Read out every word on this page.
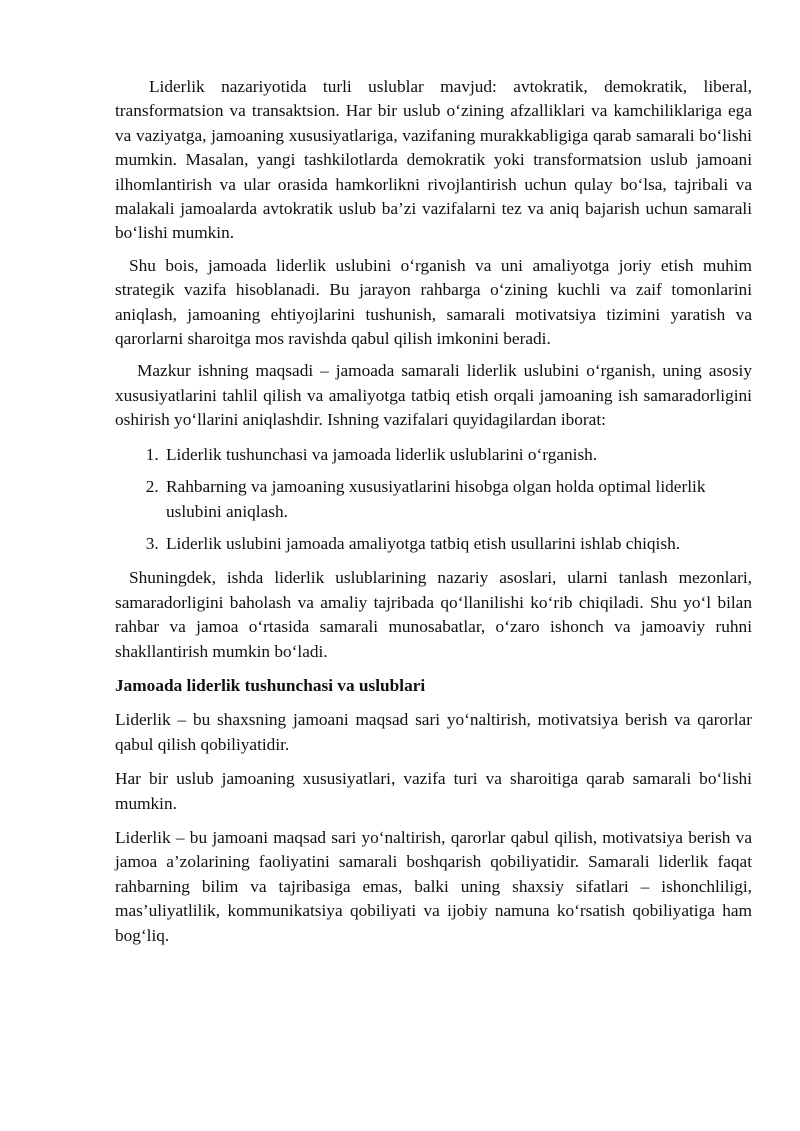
Liderlik nazariyotida turli uslublar mavjud: avtokratik, demokratik, liberal, transformatsion va transaktsion. Har bir uslub o‘zining afzalliklari va kamchiliklariga ega va vaziyatga, jamoaning xususiyatlariga, vazifaning murakkabligiga qarab samarali bo‘lishi mumkin. Masalan, yangi tashkilotlarda demokratik yoki transformatsion uslub jamoani ilhomlantirish va ular orasida hamkorlikni rivojlantirish uchun qulay bo‘lsa, tajribali va malakali jamoalarda avtokratik uslub ba’zi vazifalarni tez va aniq bajarish uchun samarali bo‘lishi mumkin.

Shu bois, jamoada liderlik uslubini o‘rganish va uni amaliyotga joriy etish muhim strategik vazifa hisoblanadi. Bu jarayon rahbarga o‘zining kuchli va zaif tomonlarini aniqlash, jamoaning ehtiyojlarini tushunish, samarali motivatsiya tizimini yaratish va qarorlarni sharoitga mos ravishda qabul qilish imkonini beradi.

Mazkur ishning maqsadi – jamoada samarali liderlik uslubini o‘rganish, uning asosiy xususiyatlarini tahlil qilish va amaliyotga tatbiq etish orqali jamoaning ish samaradorligini oshirish yo‘llarini aniqlashdir. Ishning vazifalari quyidagilardan iborat:

1. Liderlik tushunchasi va jamoada liderlik uslublarini o‘rganish.
2. Rahbarning va jamoaning xususiyatlarini hisobga olgan holda optimal liderlik uslubini aniqlash.
3. Liderlik uslubini jamoada amaliyotga tatbiq etish usullarini ishlab chiqish.

Shuningdek, ishda liderlik uslublarining nazariy asoslari, ularni tanlash mezonlari, samaradorligini baholash va amaliy tajribada qo‘llanilishi ko‘rib chiqiladi. Shu yo‘l bilan rahbar va jamoa o‘rtasida samarali munosabatlar, o‘zaro ishonch va jamoaviy ruhni shakllantirish mumkin bo‘ladi.

Jamoada liderlik tushunchasi va uslublari

Liderlik – bu shaxsning jamoani maqsad sari yo‘naltirish, motivatsiya berish va qarorlar qabul qilish qobiliyatidir.

Har bir uslub jamoaning xususiyatlari, vazifa turi va sharoitiga qarab samarali bo‘lishi mumkin.

Liderlik – bu jamoani maqsad sari yo‘naltirish, qarorlar qabul qilish, motivatsiya berish va jamoa a’zolarining faoliyatini samarali boshqarish qobiliyatidir. Samarali liderlik faqat rahbarning bilim va tajribasiga emas, balki uning shaxsiy sifatlari – ishonchliligi, mas’uliyatlilik, kommunikatsiya qobiliyati va ijobiy namuna ko‘rsatish qobiliyatiga ham bog‘liq.
